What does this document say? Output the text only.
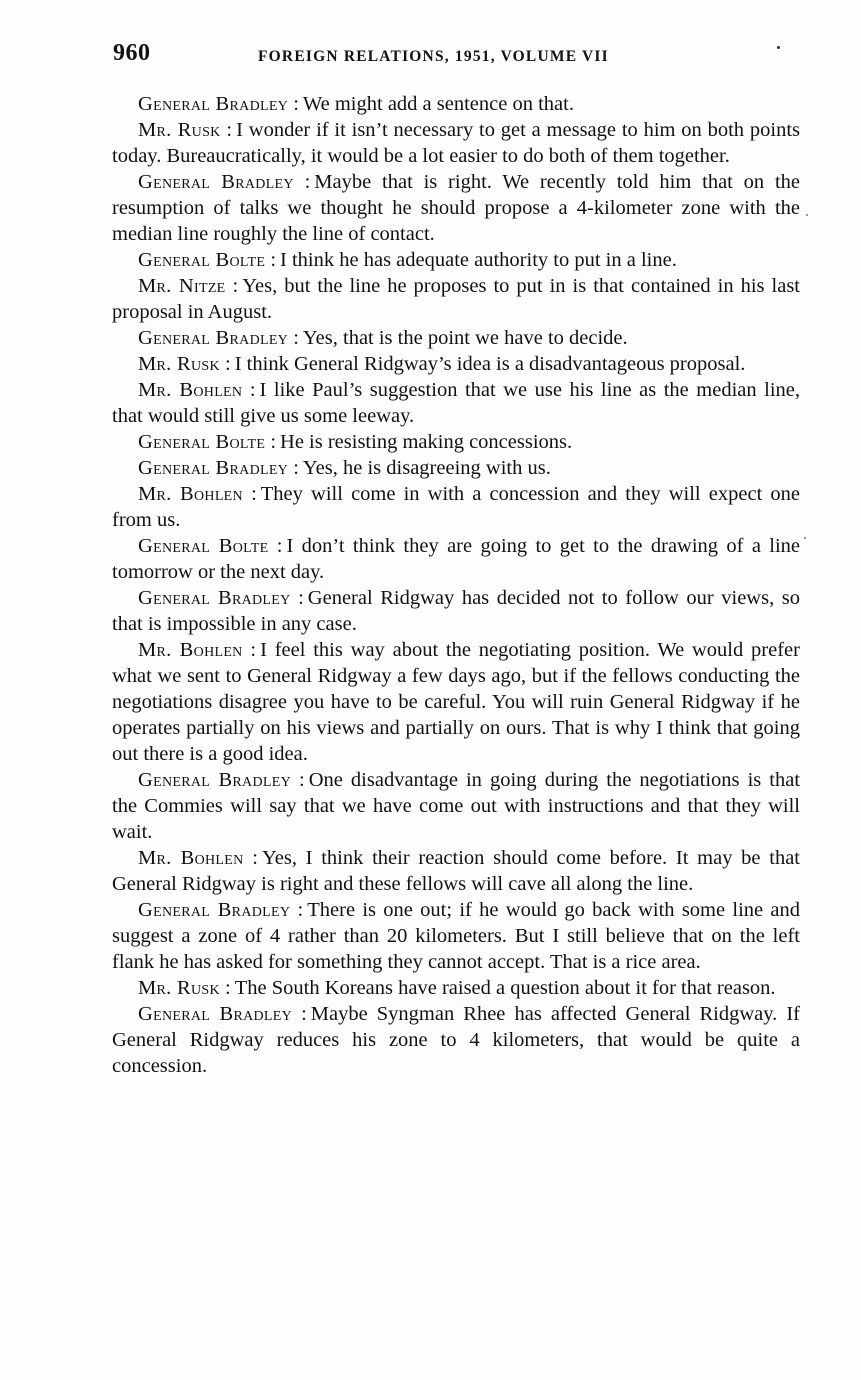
960	FOREIGN RELATIONS, 1951, VOLUME VII

General Bradley : We might add a sentence on that.

Mr. Rusk : I wonder if it isn’t necessary to get a message to him on both points today. Bureaucratically, it would be a lot easier to do both of them together.

General Bradley : Maybe that is right. We recently told him that on the resumption of talks we thought he should propose a 4-kilometer zone with the median line roughly the line of contact.

General Bolte : I think he has adequate authority to put in a line.

Mr. Nitze : Yes, but the line he proposes to put in is that contained in his last proposal in August.

General Bradley : Yes, that is the point we have to decide.

Mr. Rusk : I think General Ridgway’s idea is a disadvantageous proposal.

Mr. Bohlen : I like Paul’s suggestion that we use his line as the median line, that would still give us some leeway.

General Bolte : He is resisting making concessions.

General Bradley : Yes, he is disagreeing with us.

Mr. Bohlen : They will come in with a concession and they will expect one from us.

General Bolte : I don’t think they are going to get to the drawing of a line tomorrow or the next day.

General Bradley : General Ridgway has decided not to follow our views, so that is impossible in any case.

Mr. Bohlen : I feel this way about the negotiating position. We would prefer what we sent to General Ridgway a few days ago, but if the fellows conducting the negotiations disagree you have to be careful. You will ruin General Ridgway if he operates partially on his views and partially on ours. That is why I think that going out there is a good idea.

General Bradley : One disadvantage in going during the negotiations is that the Commies will say that we have come out with instructions and that they will wait.

Mr. Bohlen : Yes, I think their reaction should come before. It may be that General Ridgway is right and these fellows will cave all along the line.

General Bradley : There is one out; if he would go back with some line and suggest a zone of 4 rather than 20 kilometers. But I still believe that on the left flank he has asked for something they cannot accept. That is a rice area.

Mr. Rusk : The South Koreans have raised a question about it for that reason.

General Bradley : Maybe Syngman Rhee has affected General Ridgway. If General Ridgway reduces his zone to 4 kilometers, that would be quite a concession.
